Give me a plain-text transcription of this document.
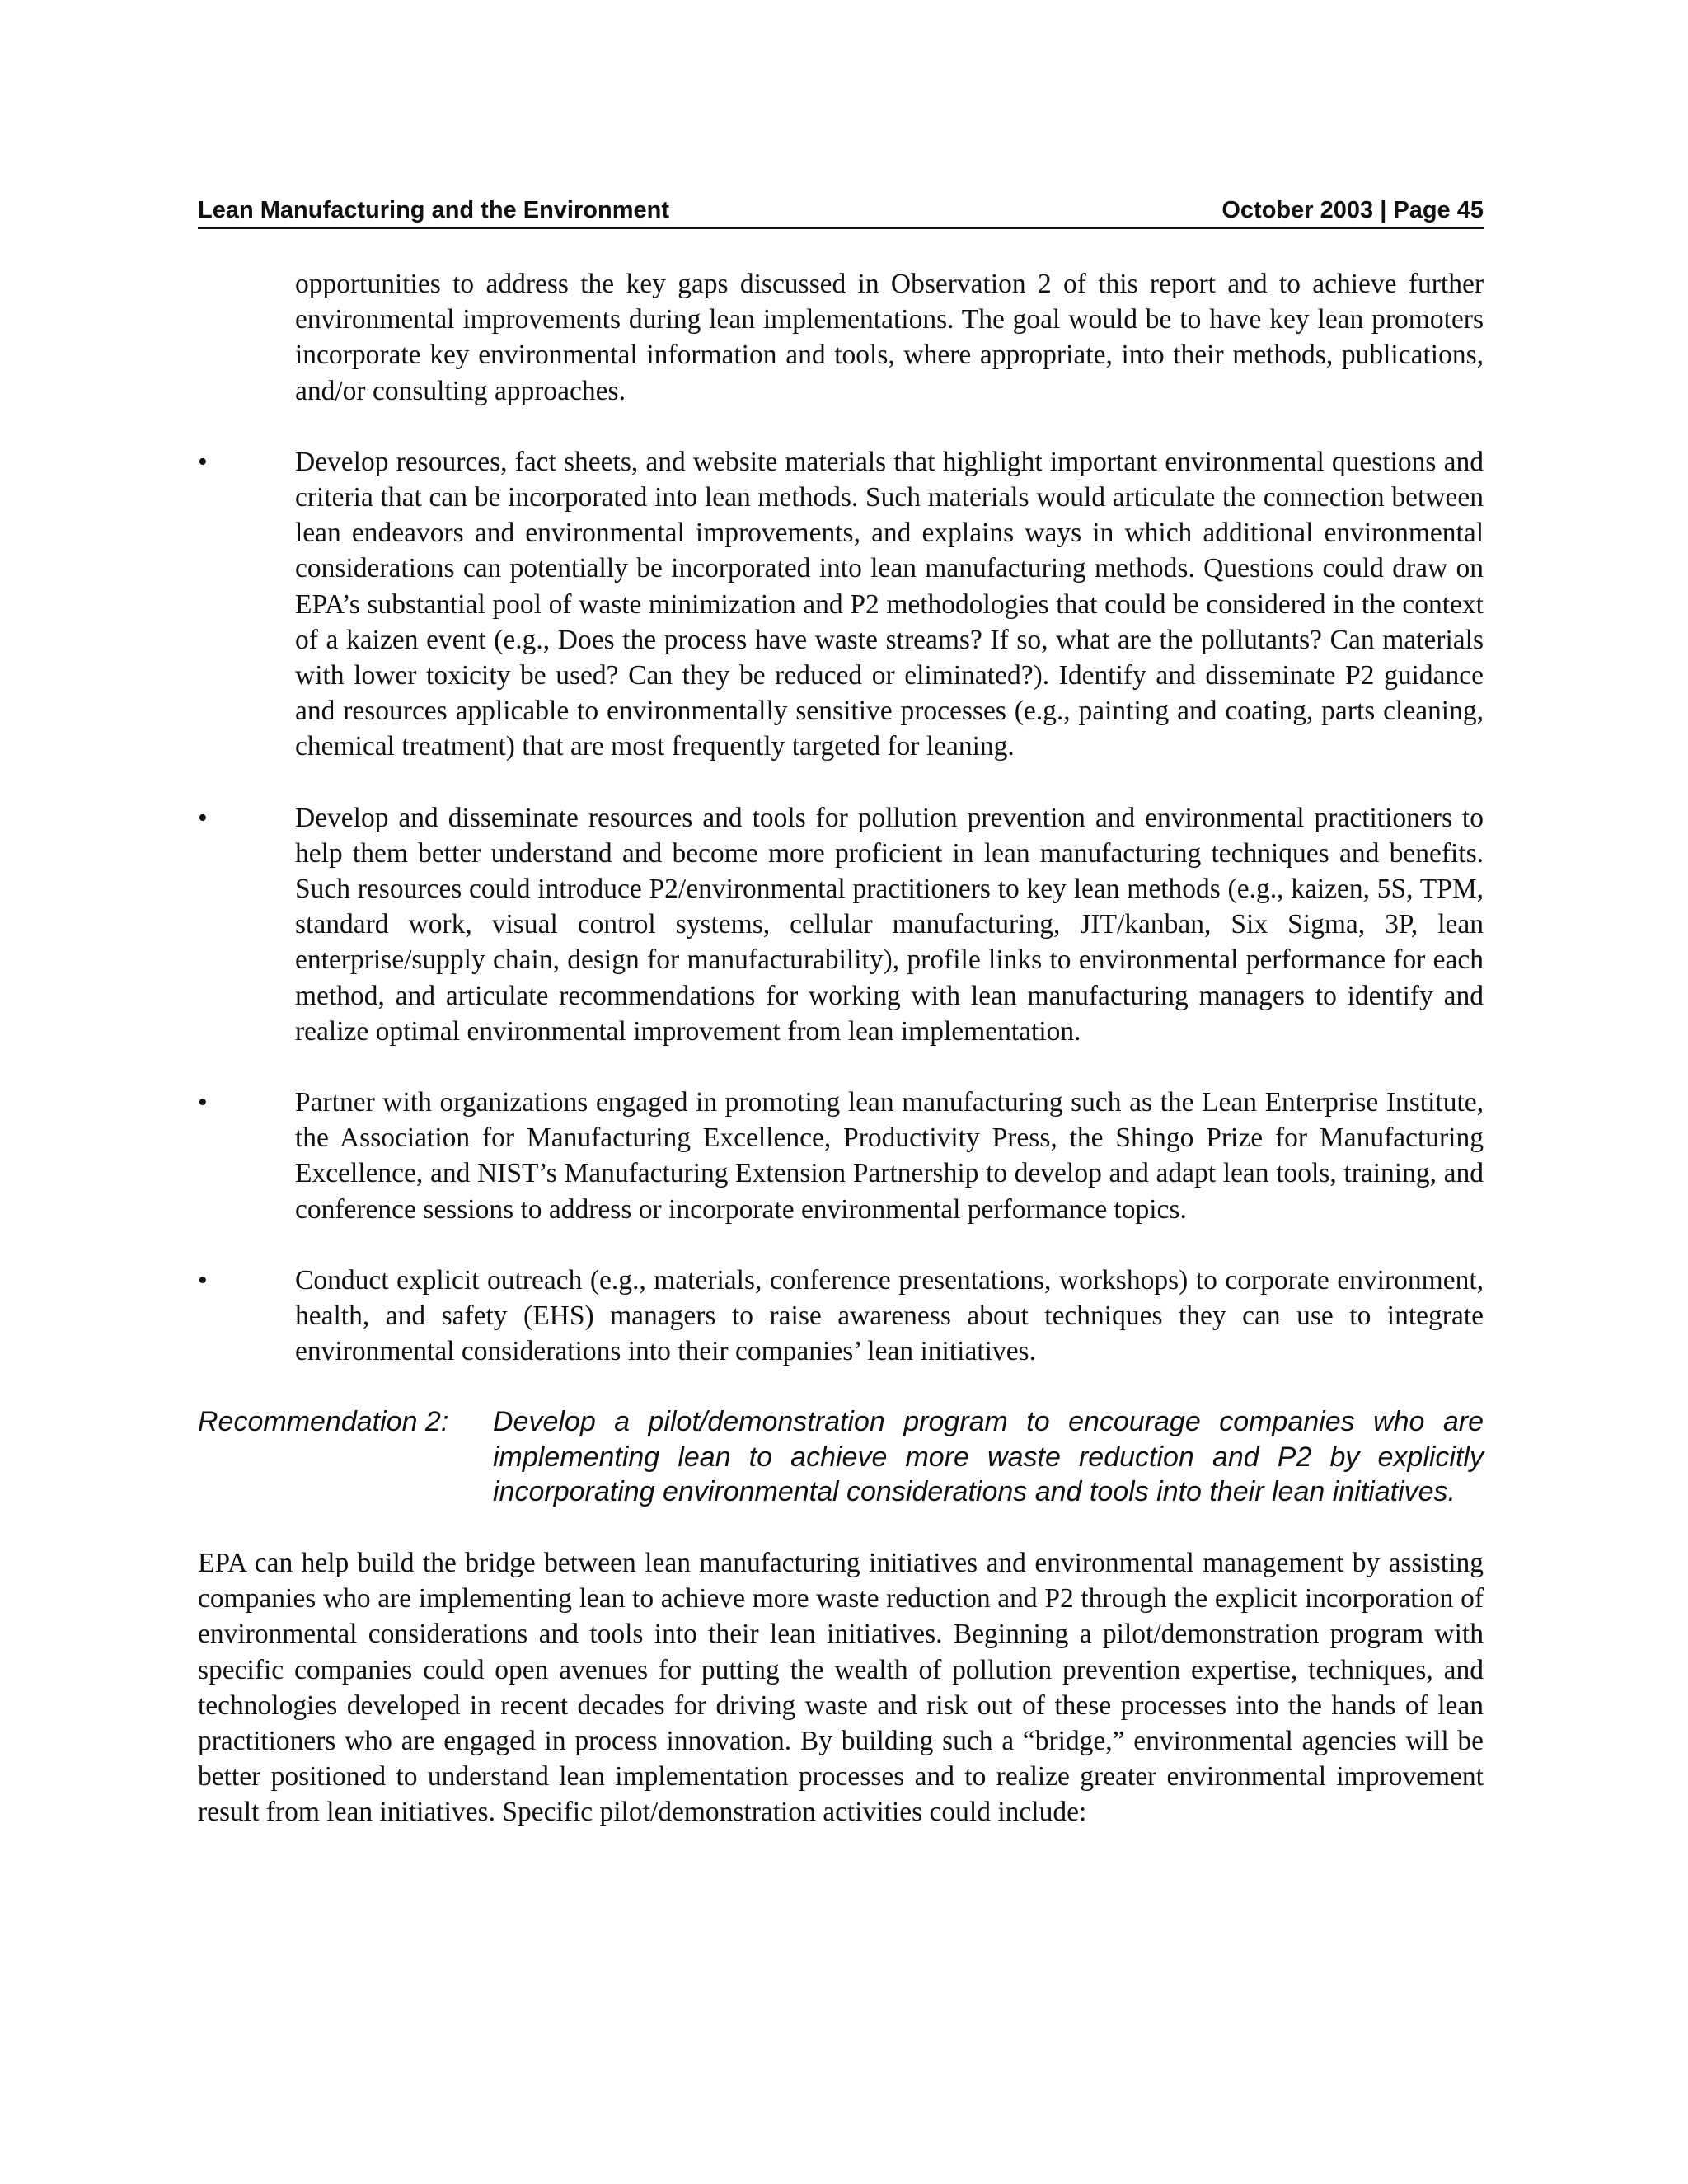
Lean Manufacturing and the Environment	October 2003 | Page 45

opportunities to address the key gaps discussed in Observation 2 of this report and to achieve further environmental improvements during lean implementations. The goal would be to have key lean promoters incorporate key environmental information and tools, where appropriate, into their methods, publications, and/or consulting approaches.

•	Develop resources, fact sheets, and website materials that highlight important environmental questions and criteria that can be incorporated into lean methods. Such materials would articulate the connection between lean endeavors and environmental improvements, and explains ways in which additional environmental considerations can potentially be incorporated into lean manufacturing methods. Questions could draw on EPA’s substantial pool of waste minimization and P2 methodologies that could be considered in the context of a kaizen event (e.g., Does the process have waste streams? If so, what are the pollutants? Can materials with lower toxicity be used? Can they be reduced or eliminated?). Identify and disseminate P2 guidance and resources applicable to environmentally sensitive processes (e.g., painting and coating, parts cleaning, chemical treatment) that are most frequently targeted for leaning.
•	Develop and disseminate resources and tools for pollution prevention and environmental practitioners to help them better understand and become more proficient in lean manufacturing techniques and benefits. Such resources could introduce P2/environmental practitioners to key lean methods (e.g., kaizen, 5S, TPM, standard work, visual control systems, cellular manufacturing, JIT/kanban, Six Sigma, 3P, lean enterprise/supply chain, design for manufacturability), profile links to environmental performance for each method, and articulate recommendations for working with lean manufacturing managers to identify and realize optimal environmental improvement from lean implementation.
•	Partner with organizations engaged in promoting lean manufacturing such as the Lean Enterprise Institute, the Association for Manufacturing Excellence, Productivity Press, the Shingo Prize for Manufacturing Excellence, and NIST’s Manufacturing Extension Partnership to develop and adapt lean tools, training, and conference sessions to address or incorporate environmental performance topics.
•	Conduct explicit outreach (e.g., materials, conference presentations, workshops) to corporate environment, health, and safety (EHS) managers to raise awareness about techniques they can use to integrate environmental considerations into their companies’ lean initiatives.
Recommendation 2:	Develop a pilot/demonstration program to encourage companies who are implementing lean to achieve more waste reduction and P2 by explicitly incorporating environmental considerations and tools into their lean initiatives.

EPA can help build the bridge between lean manufacturing initiatives and environmental management by assisting companies who are implementing lean to achieve more waste reduction and P2 through the explicit incorporation of environmental considerations and tools into their lean initiatives. Beginning a pilot/demonstration program with specific companies could open avenues for putting the wealth of pollution prevention expertise, techniques, and technologies developed in recent decades for driving waste and risk out of these processes into the hands of lean practitioners who are engaged in process innovation. By building such a “bridge,” environmental agencies will be better positioned to understand lean implementation processes and to realize greater environmental improvement result from lean initiatives. Specific pilot/demonstration activities could include:
